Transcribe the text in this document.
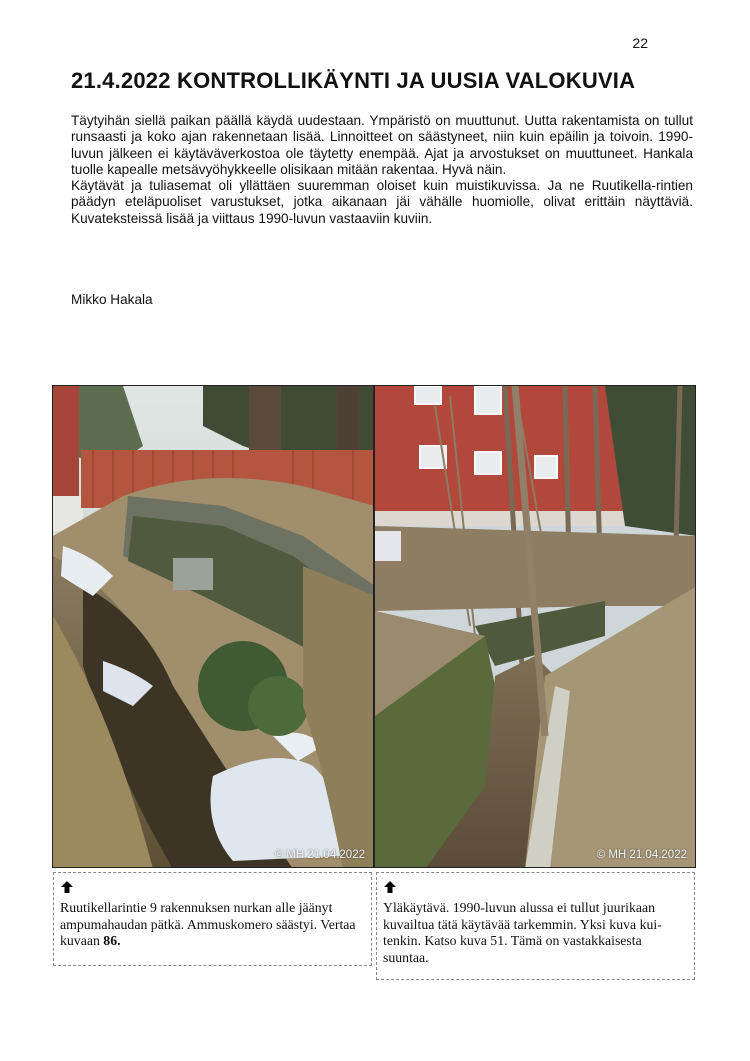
22
21.4.2022 KONTROLLIKÄYNTI JA UUSIA VALOKUVIA

Täytyihän siellä paikan päällä käydä uudestaan. Ympäristö on muuttunut. Uutta rakentamista on tullut runsaasti ja koko ajan rakennetaan lisää. Linnoitteet on säästyneet, niin kuin epäilin ja toivoin. 1990-luvun jälkeen ei käytäväverkostoa ole täytetty enempää. Ajat ja arvostukset on muuttuneet. Hankala tuolle kapealle metsävyöhykkeelle olisikaan mitään rakentaa. Hyvä näin.

Käytävät ja tuliasemat oli yllättäen suuremman oloiset kuin muistikuvissa. Ja ne Ruutikella-rintien päädyn eteläpuoliset varustukset, jotka aikanaan jäi vähälle huomiolle, olivat erittäin näyttäviä. Kuvateksteissä lisää ja viittaus 1990-luvun vastaaviin kuviin.

Mikko Hakala
© MH 21.04.2022	© MH 21.04.2022
Ruutikellarintie 9 rakennuksen nurkan alle jäänyt ampumahaudan pätkä. Ammuskomero säästyi. Vertaa kuvaan 86.
Yläkäytävä. 1990-luvun alussa ei tullut juurikaan kuvailtua tätä käytävää tarkemmin. Yksi kuva kui-tenkin. Katso kuva 51. Tämä on vastakkaisesta suuntaa.
